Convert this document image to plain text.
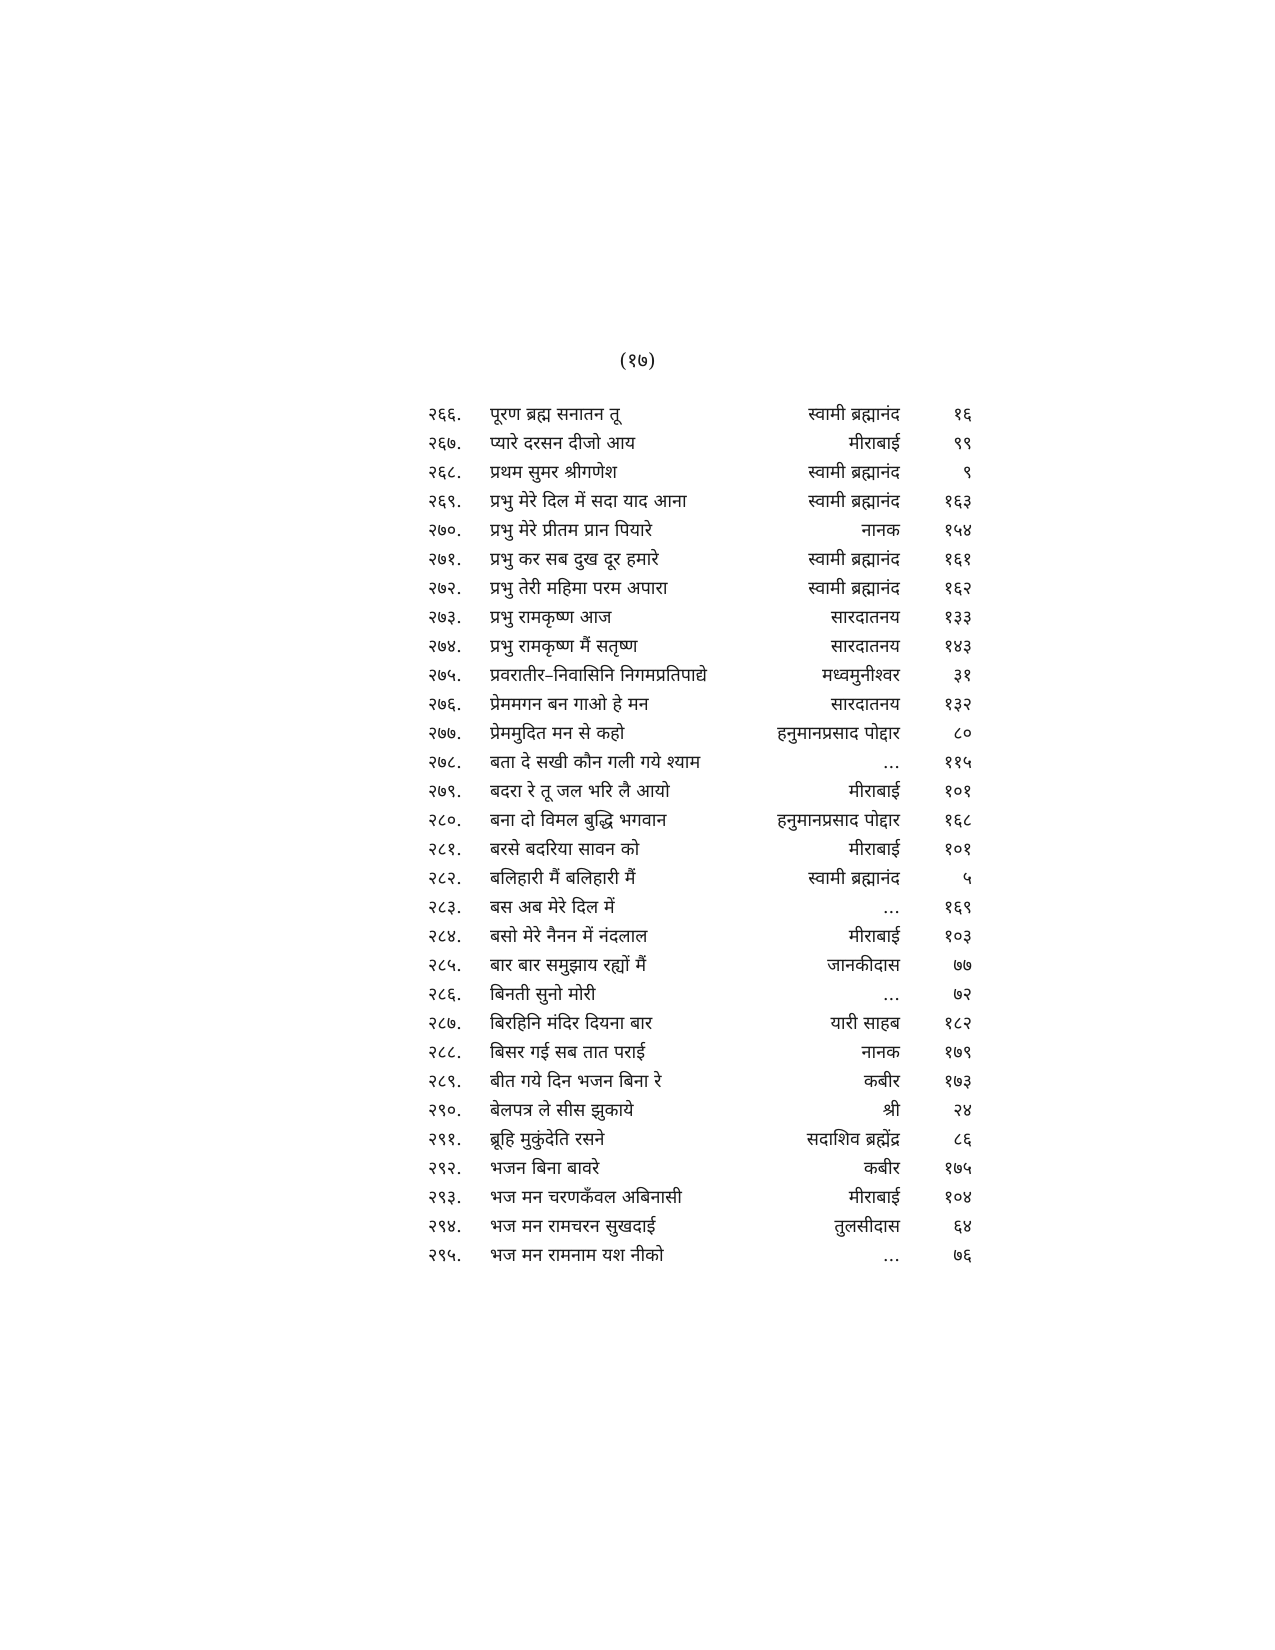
(१७)
२६६. पूरण ब्रह्म सनातन तू	स्वामी ब्रह्मानंद	१६
२६७. प्यारे दरसन दीजो आय	मीराबाई	९९
२६८. प्रथम सुमर श्रीगणेश	स्वामी ब्रह्मानंद	९
२६९. प्रभु मेरे दिल में सदा याद आना	स्वामी ब्रह्मानंद १६३
२७०. प्रभु मेरे प्रीतम प्रान पियारे	नानक १५४
२७१. प्रभु कर सब दुख दूर हमारे	स्वामी ब्रह्मानंद १६१
२७२. प्रभु तेरी महिमा परम अपारा	स्वामी ब्रह्मानंद १६२
२७३. प्रभु रामकृष्ण आज	सारदातनय १३३
२७४. प्रभु रामकृष्ण मैं सतृष्ण	सारदातनय १४३
२७५. प्रवरातीर–निवासिनि निगमप्रतिपाद्ये	मध्वमुनीश्वर	३१
२७६. प्रेममगन बन गाओ हे मन	सारदातनय १३२
२७७. प्रेममुदित मन से कहो	हनुमानप्रसाद पोद्दार	८०
२७८. बता दे सखी कौन गली गये श्याम	... ११५
२७९. बदरा रे तू जल भरि लै आयो	मीराबाई १०१
२८०. बना दो विमल बुद्धि भगवान	हनुमानप्रसाद पोद्दार १६८
२८१. बरसे बदरिया सावन को	मीराबाई १०१
२८२. बलिहारी मैं बलिहारी मैं	स्वामी ब्रह्मानंद	५
२८३. बस अब मेरे दिल में	... १६९
२८४. बसो मेरे नैनन में नंदलाल	मीराबाई १०३
२८५. बार बार समुझाय रह्यों मैं	जानकीदास	७७
२८६. बिनती सुनो मोरी	...	७२
२८७. बिरहिनि मंदिर दियना बार	यारी साहब १८२
२८८. बिसर गई सब तात पराई	नानक १७९
२८९. बीत गये दिन भजन बिना रे	कबीर १७३
२९०. बेलपत्र ले सीस झुकाये	श्री	२४
२९१. ब्रूहि मुकुंदेति रसने	सदाशिव ब्रह्मेंद्र	८६
२९२. भजन बिना बावरे	कबीर १७५
२९३. भज मन चरणकँवल अबिनासी	मीराबाई १०४
२९४. भज मन रामचरन सुखदाई	तुलसीदास	६४
२९५. भज मन रामनाम यश नीको	...	७६
